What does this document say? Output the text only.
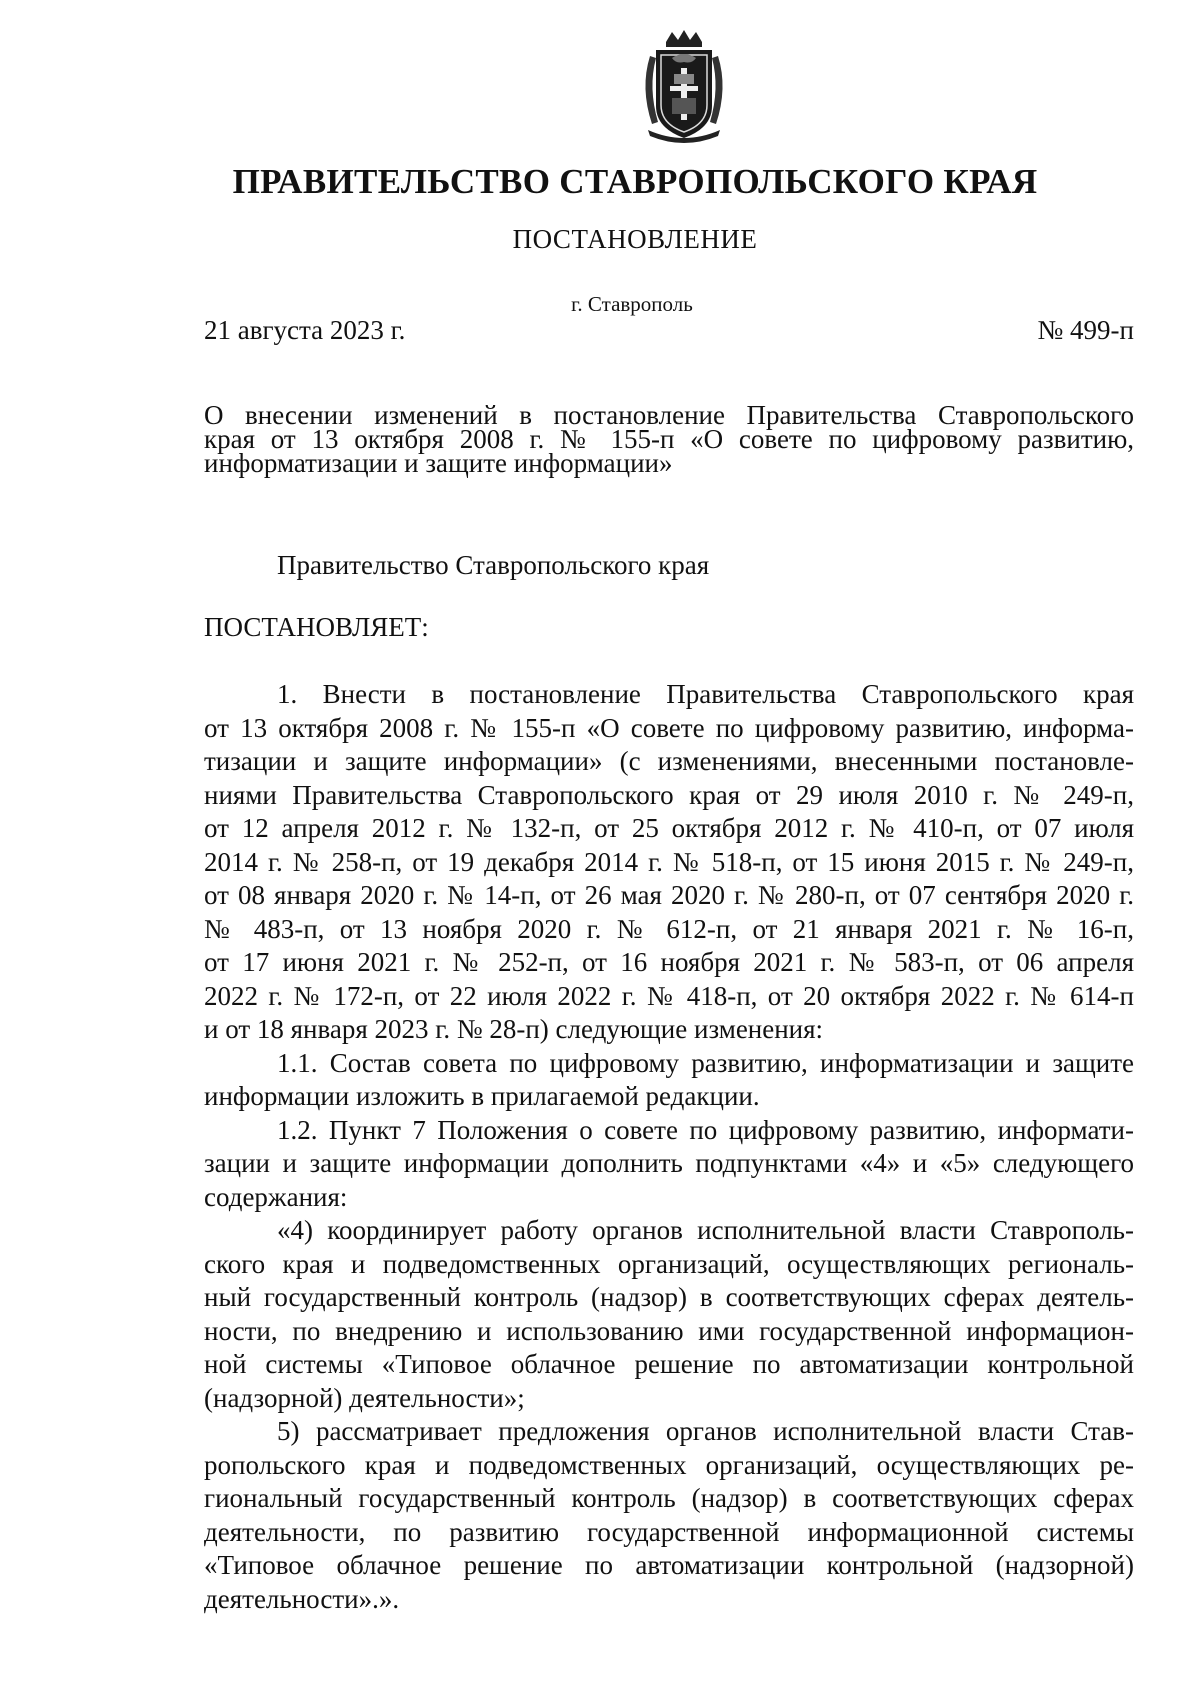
ПРАВИТЕЛЬСТВО СТАВРОПОЛЬСКОГО КРАЯ
ПОСТАНОВЛЕНИЕ
г. Ставрополь
21 августа 2023 г.	№ 499-п
О внесении изменений в постановление Правительства Ставропольского
края от 13 октября 2008 г. № 155-п «О совете по цифровому развитию,
информатизации и защите информации»
Правительство Ставропольского края
ПОСТАНОВЛЯЕТ:
1. Внести в постановление Правительства Ставропольского края
от 13 октября 2008 г. № 155-п «О совете по цифровому развитию, информа-
тизации и защите информации» (с изменениями, внесенными постановле-
ниями Правительства Ставропольского края от 29 июля 2010 г. № 249-п,
от 12 апреля 2012 г. № 132-п, от 25 октября 2012 г. № 410-п, от 07 июля
2014 г. № 258-п, от 19 декабря 2014 г. № 518-п, от 15 июня 2015 г. № 249-п,
от 08 января 2020 г. № 14-п, от 26 мая 2020 г. № 280-п, от 07 сентября 2020 г.
№ 483-п, от 13 ноября 2020 г. № 612-п, от 21 января 2021 г. № 16-п,
от 17 июня 2021 г. № 252-п, от 16 ноября 2021 г. № 583-п, от 06 апреля
2022 г. № 172-п, от 22 июля 2022 г. № 418-п, от 20 октября 2022 г. № 614-п
и от 18 января 2023 г. № 28-п) следующие изменения:
1.1. Состав совета по цифровому развитию, информатизации и защите
информации изложить в прилагаемой редакции.
1.2. Пункт 7 Положения о совете по цифровому развитию, информати-
зации и защите информации дополнить подпунктами «4» и «5» следующего
содержания:
«4) координирует работу органов исполнительной власти Ставрополь-
ского края и подведомственных организаций, осуществляющих региональ-
ный государственный контроль (надзор) в соответствующих сферах деятель-
ности, по внедрению и использованию ими государственной информацион-
ной системы «Типовое облачное решение по автоматизации контрольной
(надзорной) деятельности»;
5) рассматривает предложения органов исполнительной власти Став-
ропольского края и подведомственных организаций, осуществляющих ре-
гиональный государственный контроль (надзор) в соответствующих сферах
деятельности, по развитию государственной информационной системы
«Типовое облачное решение по автоматизации контрольной (надзорной)
деятельности».».
